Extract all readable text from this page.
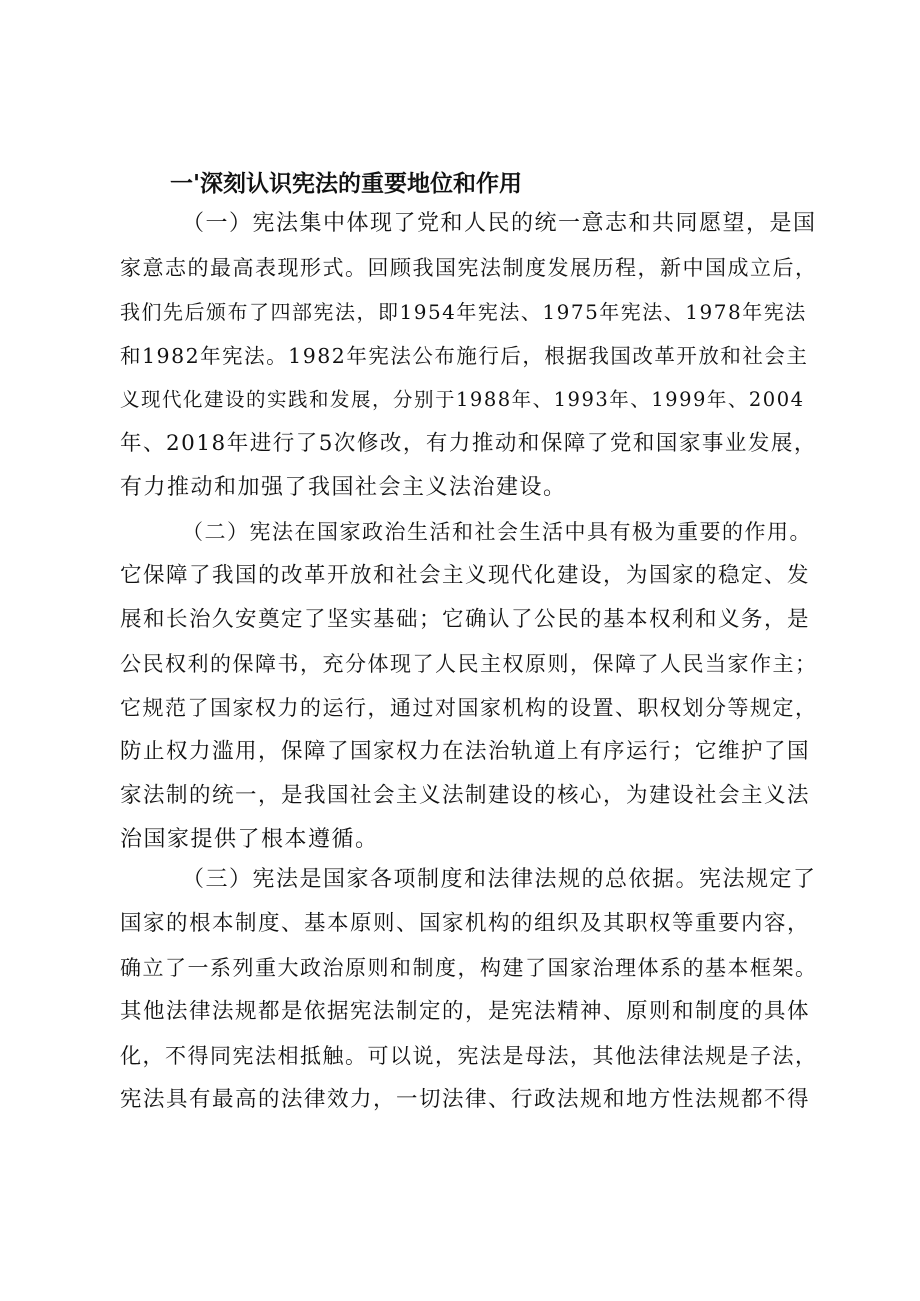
一'深刻认识宪法的重要地位和作用
（一）宪法集中体现了党和人民的统一意志和共同愿望，是国
家意志的最高表现形式。回顾我国宪法制度发展历程，新中国成立后，
我们先后颁布了四部宪法，即1954年宪法、1975年宪法、1978年宪法
和1982年宪法。1982年宪法公布施行后，根据我国改革开放和社会主
义现代化建设的实践和发展，分别于1988年、1993年、1999年、2004
年、2018年进行了5次修改，有力推动和保障了党和国家事业发展，
有力推动和加强了我国社会主义法治建设。
（二）宪法在国家政治生活和社会生活中具有极为重要的作用。
它保障了我国的改革开放和社会主义现代化建设，为国家的稳定、发
展和长治久安奠定了坚实基础；它确认了公民的基本权利和义务，是
公民权利的保障书，充分体现了人民主权原则，保障了人民当家作主；
它规范了国家权力的运行，通过对国家机构的设置、职权划分等规定，
防止权力滥用，保障了国家权力在法治轨道上有序运行；它维护了国
家法制的统一，是我国社会主义法制建设的核心，为建设社会主义法
治国家提供了根本遵循。
（三）宪法是国家各项制度和法律法规的总依据。宪法规定了
国家的根本制度、基本原则、国家机构的组织及其职权等重要内容，
确立了一系列重大政治原则和制度，构建了国家治理体系的基本框架。
其他法律法规都是依据宪法制定的，是宪法精神、原则和制度的具体
化，不得同宪法相抵触。可以说，宪法是母法，其他法律法规是子法，
宪法具有最高的法律效力，一切法律、行政法规和地方性法规都不得
